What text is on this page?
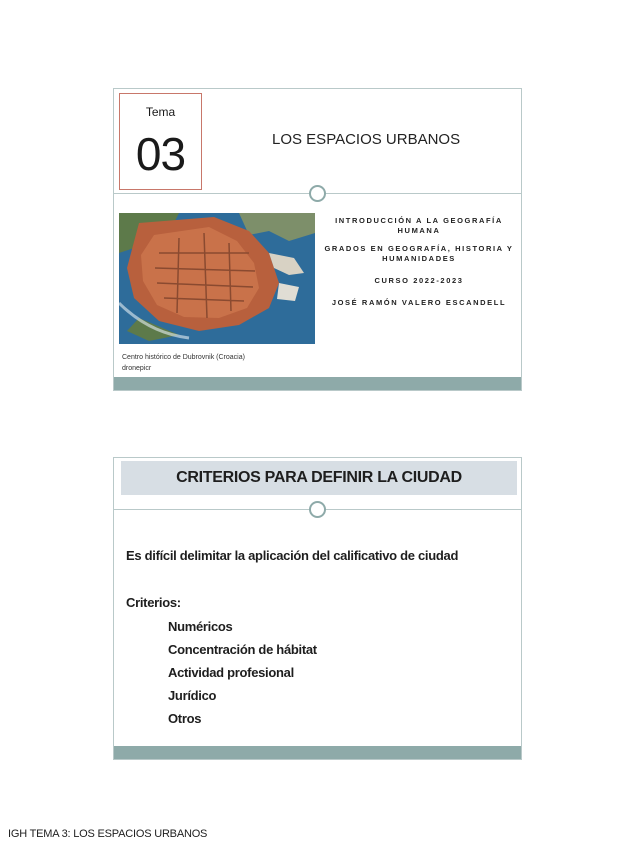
Tema
03	LOS ESPACIOS URBANOS
Centro histórico de Dubrovnik (Croacia)
dronepicr
INTRODUCCIÓN A LA GEOGRAFÍA HUMANA
GRADOS EN GEOGRAFÍA, HISTORIA Y HUMANIDADES
CURSO 2022-2023
JOSÉ RAMÓN VALERO ESCANDELL
CRITERIOS PARA DEFINIR LA CIUDAD
Es difícil delimitar la aplicación del calificativo de ciudad
Criterios:
Numéricos
Concentración de hábitat
Actividad profesional
Jurídico
Otros
IGH TEMA 3: LOS ESPACIOS URBANOS
